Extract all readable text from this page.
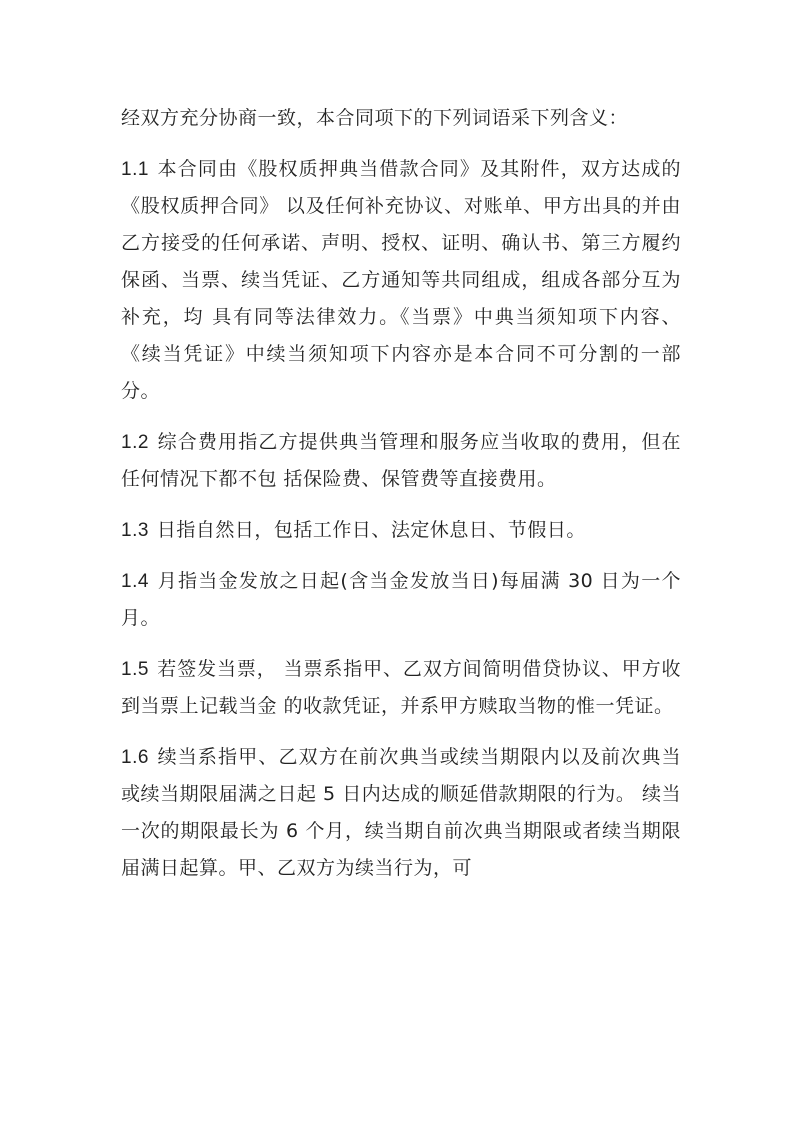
经双方充分协商一致，本合同项下的下列词语采下列含义：

1.1 本合同由《股权质押典当借款合同》及其附件，双方达成的《股权质押合同》 以及任何补充协议、对账单、甲方出具的并由乙方接受的任何承诺、声明、授权、证明、确认书、第三方履约保函、当票、续当凭证、乙方通知等共同组成，组成各部分互为补充，均 具有同等法律效力。《当票》中典当须知项下内容、 《续当凭证》中续当须知项下内容亦是本合同不可分割的一部分。

1.2 综合费用指乙方提供典当管理和服务应当收取的费用，但在任何情况下都不包 括保险费、保管费等直接费用。

1.3 日指自然日，包括工作日、法定休息日、节假日。

1.4 月指当金发放之日起(含当金发放当日)每届满 30 日为一个月。

1.5 若签发当票， 当票系指甲、乙双方间简明借贷协议、甲方收到当票上记载当金 的收款凭证，并系甲方赎取当物的惟一凭证。

1.6 续当系指甲、乙双方在前次典当或续当期限内以及前次典当或续当期限届满之日起 5 日内达成的顺延借款期限的行为。 续当一次的期限最长为 6 个月，续当期自前次典当期限或者续当期限届满日起算。甲、乙双方为续当行为，可
